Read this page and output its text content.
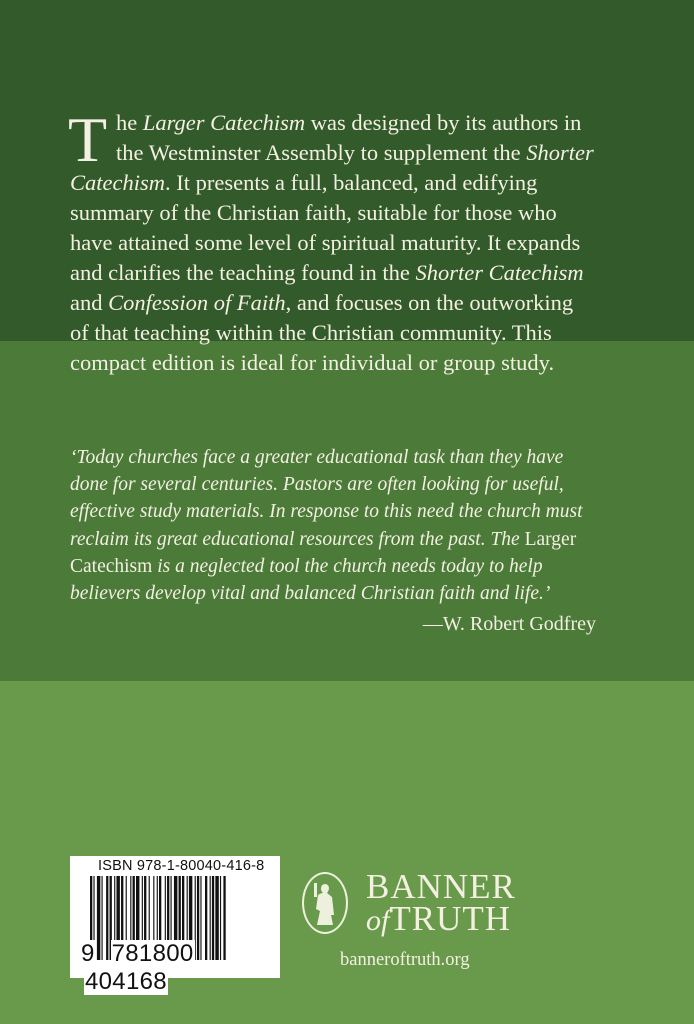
T he Larger Catechism was designed by its authors in
the Westminster Assembly to supplement the Shorter
Catechism. It presents a full, balanced, and edifying
summary of the Christian faith, suitable for those who
have attained some level of spiritual maturity. It expands
and clarifies the teaching found in the Shorter Catechism
and Confession of Faith, and focuses on the outworking
of that teaching within the Christian community. This
compact edition is ideal for individual or group study.
‘Today churches face a greater educational task than they have
done for several centuries. Pastors are often looking for useful,
effective study materials. In response to this need the church must
reclaim its great educational resources from the past. The Larger
Catechism is a neglected tool the church needs today to help
believers develop vital and balanced Christian faith and life.’
—W. Robert Godfrey
ISBN 978-1-80040-416-8
9 781800 404168
BANNER
ofTRUTH
banneroftruth.org
